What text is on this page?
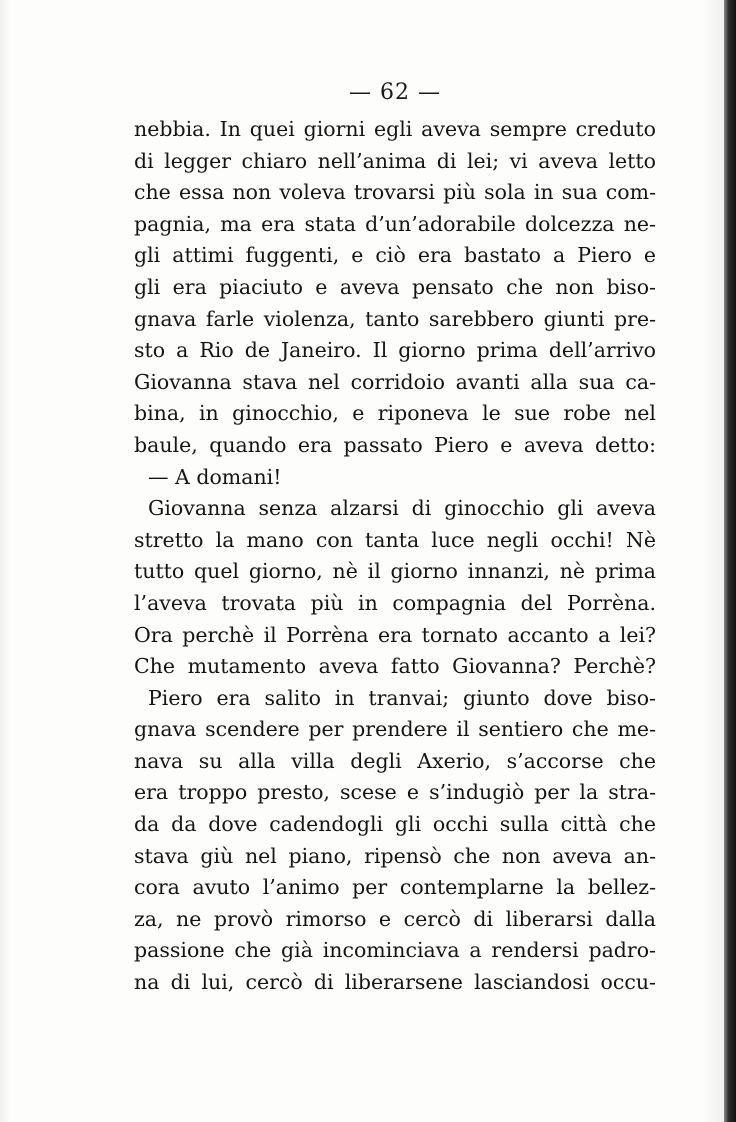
— 62 —
nebbia. In quei giorni egli aveva sempre creduto
di legger chiaro nell’anima di lei; vi aveva letto
che essa non voleva trovarsi più sola in sua com-
pagnia, ma era stata d’un’adorabile dolcezza ne-
gli attimi fuggenti, e ciò era bastato a Piero e
gli era piaciuto e aveva pensato che non biso-
gnava farle violenza, tanto sarebbero giunti pre-
sto a Rio de Janeiro. Il giorno prima dell’arrivo
Giovanna stava nel corridoio avanti alla sua ca-
bina, in ginocchio, e riponeva le sue robe nel
baule, quando era passato Piero e aveva detto:
— A domani!
Giovanna senza alzarsi di ginocchio gli aveva
stretto la mano con tanta luce negli occhi! Nè
tutto quel giorno, nè il giorno innanzi, nè prima
l’aveva trovata più in compagnia del Porrèna.
Ora perchè il Porrèna era tornato accanto a lei?
Che mutamento aveva fatto Giovanna? Perchè?
Piero era salito in tranvai; giunto dove biso-
gnava scendere per prendere il sentiero che me-
nava su alla villa degli Axerio, s’accorse che
era troppo presto, scese e s’indugiò per la stra-
da da dove cadendogli gli occhi sulla città che
stava giù nel piano, ripensò che non aveva an-
cora avuto l’animo per contemplarne la bellez-
za, ne provò rimorso e cercò di liberarsi dalla
passione che già incominciava a rendersi padro-
na di lui, cercò di liberarsene lasciandosi occu-
